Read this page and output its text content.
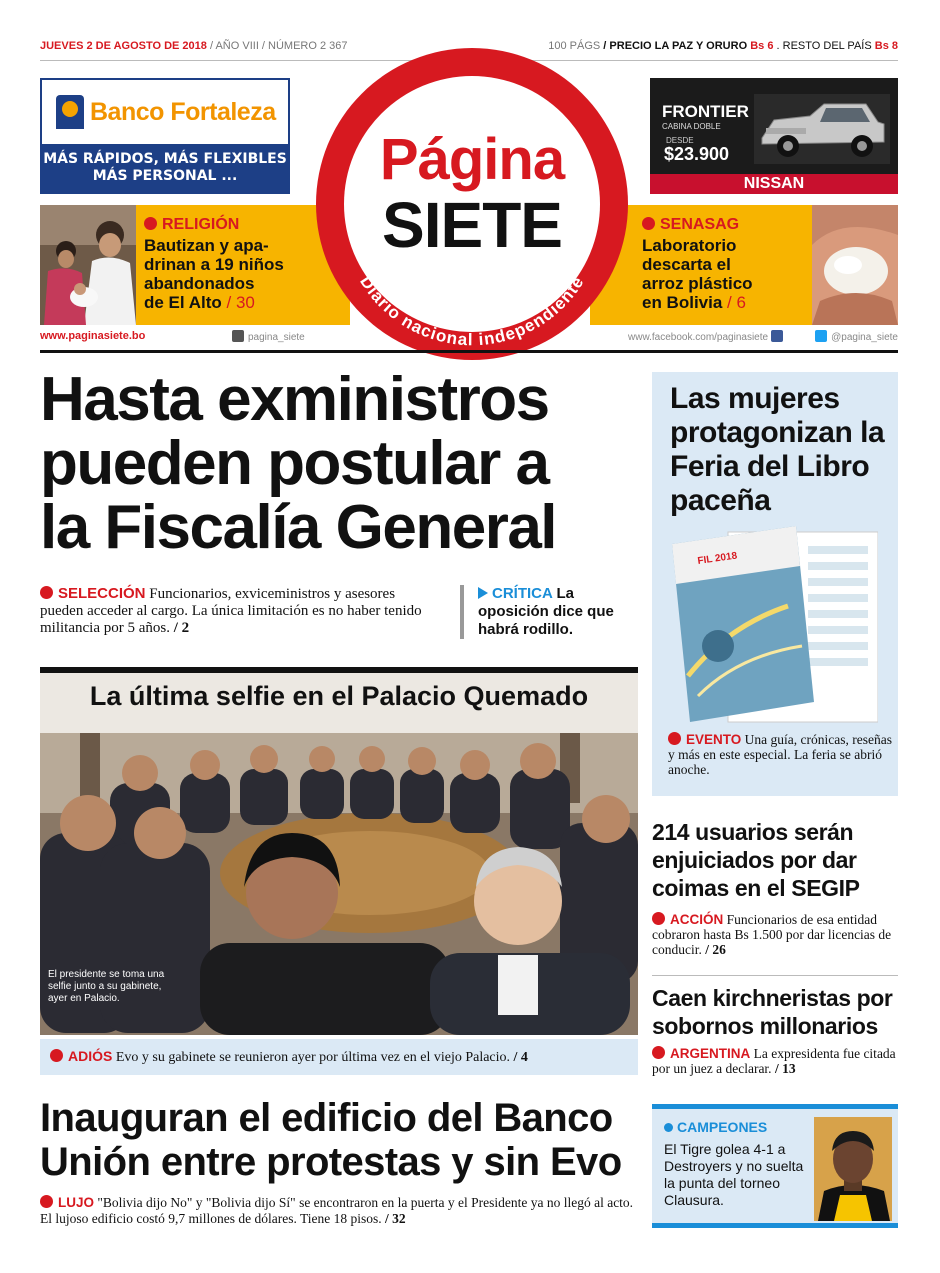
JUEVES 2 DE AGOSTO DE 2018 / AÑO VIII / NÚMERO 2 367	100 PÁGS / PRECIO LA PAZ Y ORURO Bs 6 . RESTO DEL PAÍS Bs 8
Banco Fortaleza
MÁS RÁPIDOS, MÁS FLEXIBLES
MÁS PERSONAL ...
FRONTIER
CABINA DOBLE
DESDE
$23.900
NISSAN
RELIGIÓN
Bautizan y apa-
drinan a 19 niños
abandonados
de El Alto / 30
SENASAG
Laboratorio
descarta el
arroz plástico
en Bolivia / 6
Página
SIETE
Diario nacional independiente
www.paginasiete.bo	pagina_siete	www.facebook.com/paginasiete	@pagina_siete
Hasta exministros
pueden postular a
la Fiscalía General
SELECCIÓN Funcionarios, exviceministros y asesores pueden acceder al cargo. La única limitación es no haber tenido militancia por 5 años. / 2
CRÍTICA La oposición dice que habrá rodillo.
La última selfie en el Palacio Quemado
El presidente se toma una selfie junto a su gabinete, ayer en Palacio.
ADIÓS Evo y su gabinete se reunieron ayer por última vez en el viejo Palacio. / 4
Inauguran el edificio del Banco
Unión entre protestas y sin Evo
LUJO "Bolivia dijo No" y "Bolivia dijo Sí" se encontraron en la puerta y el Presidente ya no llegó al acto. El lujoso edificio costó 9,7 millones de dólares. Tiene 18 pisos. / 32
Las mujeres protagonizan la Feria del Libro paceña
FIL 2018
EVENTO Una guía, crónicas, reseñas y más en este especial. La feria se abrió anoche.
214 usuarios serán enjuiciados por dar coimas en el SEGIP
ACCIÓN Funcionarios de esa entidad cobraron hasta Bs 1.500 por dar licencias de conducir. / 26
Caen kirchneristas por sobornos millonarios
ARGENTINA La expresidenta fue citada por un juez a declarar. / 13
CAMPEONES
El Tigre golea 4-1 a Destroyers y no suelta la punta del torneo Clausura.
